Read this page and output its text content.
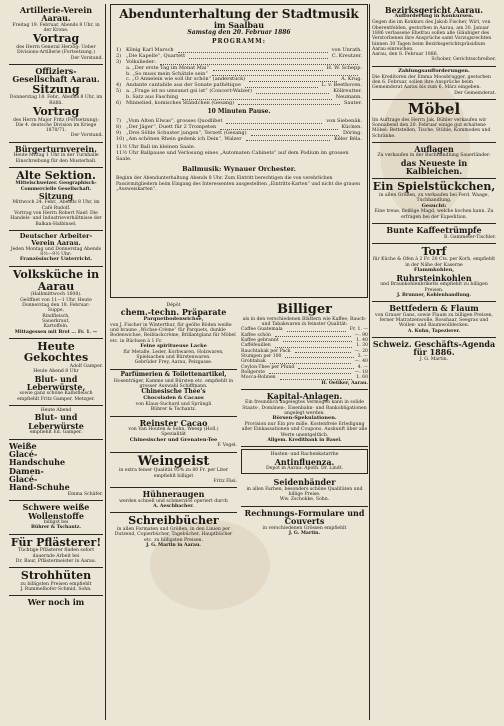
Artillerie-Verein Aarau.
Freitag 19. Februar, Abends 8 Uhr, in der Krone.
Vortrag
des Herrn General Herzog: Ueber Divisions-Artillerie (Fortsetzung.)
Der Vorstand.
Offiziers-Gesellschaft Aarau.
Sitzung
Donnerstag 18. Febr., Abends 8 Uhr, im Rößli.
Vortrag
des Herrn Major Fritz (Fortsetzung): Die 4. deutsche Division im Kriege 1870/71.
Der Vorstand.
Bürgerturnverein.
Heute Mittag 1 Uhr in der Turnhalle Einschreibung für den Musterball.
Alte Sektion.
Mittelschweizer. Geographisch-Commercielle Gesellschaft.
Sitzung
Mittwoch 24. Febr., Abends 8 Uhr, im Café Rudolf.
Vortrag von Herrn Robert Naef: Die Handels- und Industrieverhältnisse der Balkan-Halbinsel.
Deutscher Arbeiter-Verein Aarau.
Jeden Montag und Donnerstag Abends 8½—9½ Uhr:
Französischer Unterricht.
Volksküche in Aarau
(Halbmittwoch 1608).
Geöffnet von 11—1 Uhr. Heute Donnerstag den 18. Februar:
Suppe,
Rindfleisch,
Sauerkraut,
Kartoffeln.
Mittagessen mit Brot ... Fr. 1. —
Heute Gekochtes
Adolf Gamper.
Heute Abend 8 Uhr
Blut- und Leberwürste,
sowie ganz schöne Kalbsfleisch empfiehlt Fritz Gamper, Metzger.
Heute Abend
Blut- und Leberwürste
empfiehlt Ed. Gamper.
Weiße
Glacé-
Handschuhe
Damen-
Glacé-
Hand-Schuhe
Emma Schäfer.
Schwere weiße Wollenstoffe
billigst bei
Bührer & Tschantz.
Für Pflästerer!
Tüchtige Pflästerer finden sofort dauernde Arbeit bei
Dr. Baur, Pflästermeister in Aarau.
Strohhüten
zu billigsten Preisen empfiehlt
J. Rummelhofer-Schmid, Sohn.
Wer noch im
Abendunterhaltung der Stadtmusik
im Saalbau
Samstag den 20. Februar 1886
PROGRAMM:
1) König Karl Marsch	von Unrath.
2) „Die Kapelle“, Quartett	C. Kreutzer.
3) Volkslieder:
a. „Der erste Tag im Monat Mai“	H. W. Schepp.
b. „So muss mein Schätzle sein“
c. „O Annelein wie soll ihr schön“ (anderstück)	A. Krug.
4) Andante cantabile aus der Sonate pathétique	L. v. Beethoven.
5) a. „Frage ist no umsunst gsi ist“ (Concert-Walzer)	Köllreutter.
b. Satz aus Fasching	Neumann.
6) Minnelied, komisches Ständchen (Gesang)	Sauter.
10 Minuten Pause.
7) „Vom Alten Elwas“, grosses Quodlibet	von Siebenäk.
8) „Der Jäger“, Duett für 2 Trompeten	Kücken.
9) „Drei Söhle Schuster jungen“, Terzett (Gesang)	Döring.
10) „Am schönen Rhein gedenk ich Dein“, Walzer	Kéler Béla.
11½ Uhr Ball im kleinen Saale.
11½ Uhr Ballpause und Verlosung eines „Automaten Cabinets“ auf dem Podium im grossen Saale.
Ballmusik: Wynauer Orchester.
Beginn der Abendunterhaltung Abends 8 Uhr. Zum Eintritt berechtigen die von verehrlichen Passivmitgliedern beim Eingang des Interessenten ausgestellten „Eintritts-Karten“ und nicht die grauen „Ausweiskarten“.
Dépôt
chem.-techn. Präparate
Parquetbodenwichse,
von J. Fischer in Winterthur, für geölte Böden weiße und braune „Wichse-Crème“ für Parquets, dunkle Bodenwichse, Reiblackcrème, Brillantglanz für Möbel etc. in Büchsen à 1 Fr.
Feine spiritueuse Lacke
für Metalle, Leder, Korbwaren, Holzwaren, Spielsachen und Bürstenwaren.
Gebrüder Frey, Aarau, Pelzgasse.
Parfümerien & Toilettenartikel,
Hosenträger, Kamme und Bürsten etc. empfiehlt in grosser Auswahl Schiffmann.
Chinesische Thée's
Chocoladen & Cacaos
von Klaus-Suchard und Sprüngli
Bührer & Tschantz.
Reinster Cacao
von Van Houten & Sohn, Weesp (Holl.)
Spezialität
Chinesischer und Grenaten-Tee
F. Vogel.
Weingeist
in extra feiner Qualität 95% zu 80 Fr. per Liter empfiehlt billigst
Fritz Fäsi.
Hühneraugen
werden schnell und schmerzlos operiert durch
A. Aeschbacher.
Schreibbücher
in allen Formaten und Größen, in den Linien per Dutzend, Copierbücher, Tagebücher, Hauptbücher etc. zu billigsten Preisen.
J. G. Martin in Aarau.
Billiger
als in den verschiedenen Blättern wie Kaffee, Rauch- und Tabakwaren in feinster Qualität:
Caffee Guatemala	Fr. 1. —
Kaffee schön	—. 90
Kaffee gebrannt	1. 40
Cafféfeuillen	1. 30
Rauchtabak per Pack	—. 20
Stumpen per 100	3. —
Grobtabak	—. 40
Ceylon-Thee per Pfund	4. —
Rollgerste	—. 18
Mocca-Bohnen	1. 60
H. Oetiker, Aarau.
Kapital-Anlagen.
Ein freundlich angelegtes Vermögen kann in solide Staats-, Domänen-, Eisenbahn- und Bankobligationen angelegt werden.
Börsen-Spekulationen.
Provision nur Ein pro mille. Kostenfreie Erledigung aller Einkassationen und Coupons. Auskunft über alle Werte unentgeltlich.
Allgem. Kreditbank in Basel.
Husten- und Rachenkatarrhe
Antinfluenza.
Depot in Aarau: Apoth. Dr. Lindt.
Seidenbänder
in allen Farben, besonders schöne Qualitäten und billige Preise.
Ww. Zschokke, Sohn.
Rechnungs-Formulare und Couverts
in verschiedenen Grössen empfiehlt
J. G. Martin.
Bezirksgericht Aarau.
Aufforderung in Konkursen.
Gegen die im Konkurs des Jakob Fischer, Wirt, von Oberentfelden, gestorben in Aarau, am 30. Januar 1886 verlassene Ehefrau sollen alle Gläubiger des Verstorbenen ihre Ansprüche samt Vorzugsrechten binnen 30 Tagen beim Bezirksgerichtspräsidium Aarau einreichen.
Aarau, den 8. Februar 1886.
Schober, Gerichtsschreiber.
Zahlungsaufforderungen.
Die Kreditoren der Emma Moosbrugger, gestorben den 6. Februar, sollen ihre Ansprüche beim Gemeinderat Aarau bis zum 6. März eingeben.
Der Gemeinderat.
Möbel
Im Auftrage des Herrn Jak. Bühler verkaufen wir Sonnabend den 20. Februar einige gut erhaltene Möbel: Bettstellen, Tische, Stühle, Kommoden und Schränke.
Auflagen
Zu verkaufen in der Buchhandlung Sauerländer:
das Neueste in Kalbleichen.
Ein Spielstückchen,
in allen Größen, zu verkaufen bei Ferd. Waage, Tuchhandlung.
Gesucht:
Eine treue, fleißige Magd, welche kochen kann. Zu erfragen bei der Expedition.
Bunte Kaffeetrümpfe
B. Gammeter-Tischler.
Torf
für Küche & Ofen à 2 Fr. 20 Cts. per Korb, empfiehlt in der Nähe der Kaserne
Flammkohlen,
Ruhrsteinkohlen
und Braunkohlenbriketts empfiehlt zu billigen Preisen.
J. Brunner, Kohlenhandlung.
Bettfedern & Flaum
von Grauer Gans, sowie Flaum zu billigen Preisen, ferner Matratzenwolle, Rosshaar, Seegras und Wollen- und Baumwolldecken.
A. Kuhn, Tapezierer.
Schweiz. Geschäfts-Agenda für 1886.
J. G. Martin.
